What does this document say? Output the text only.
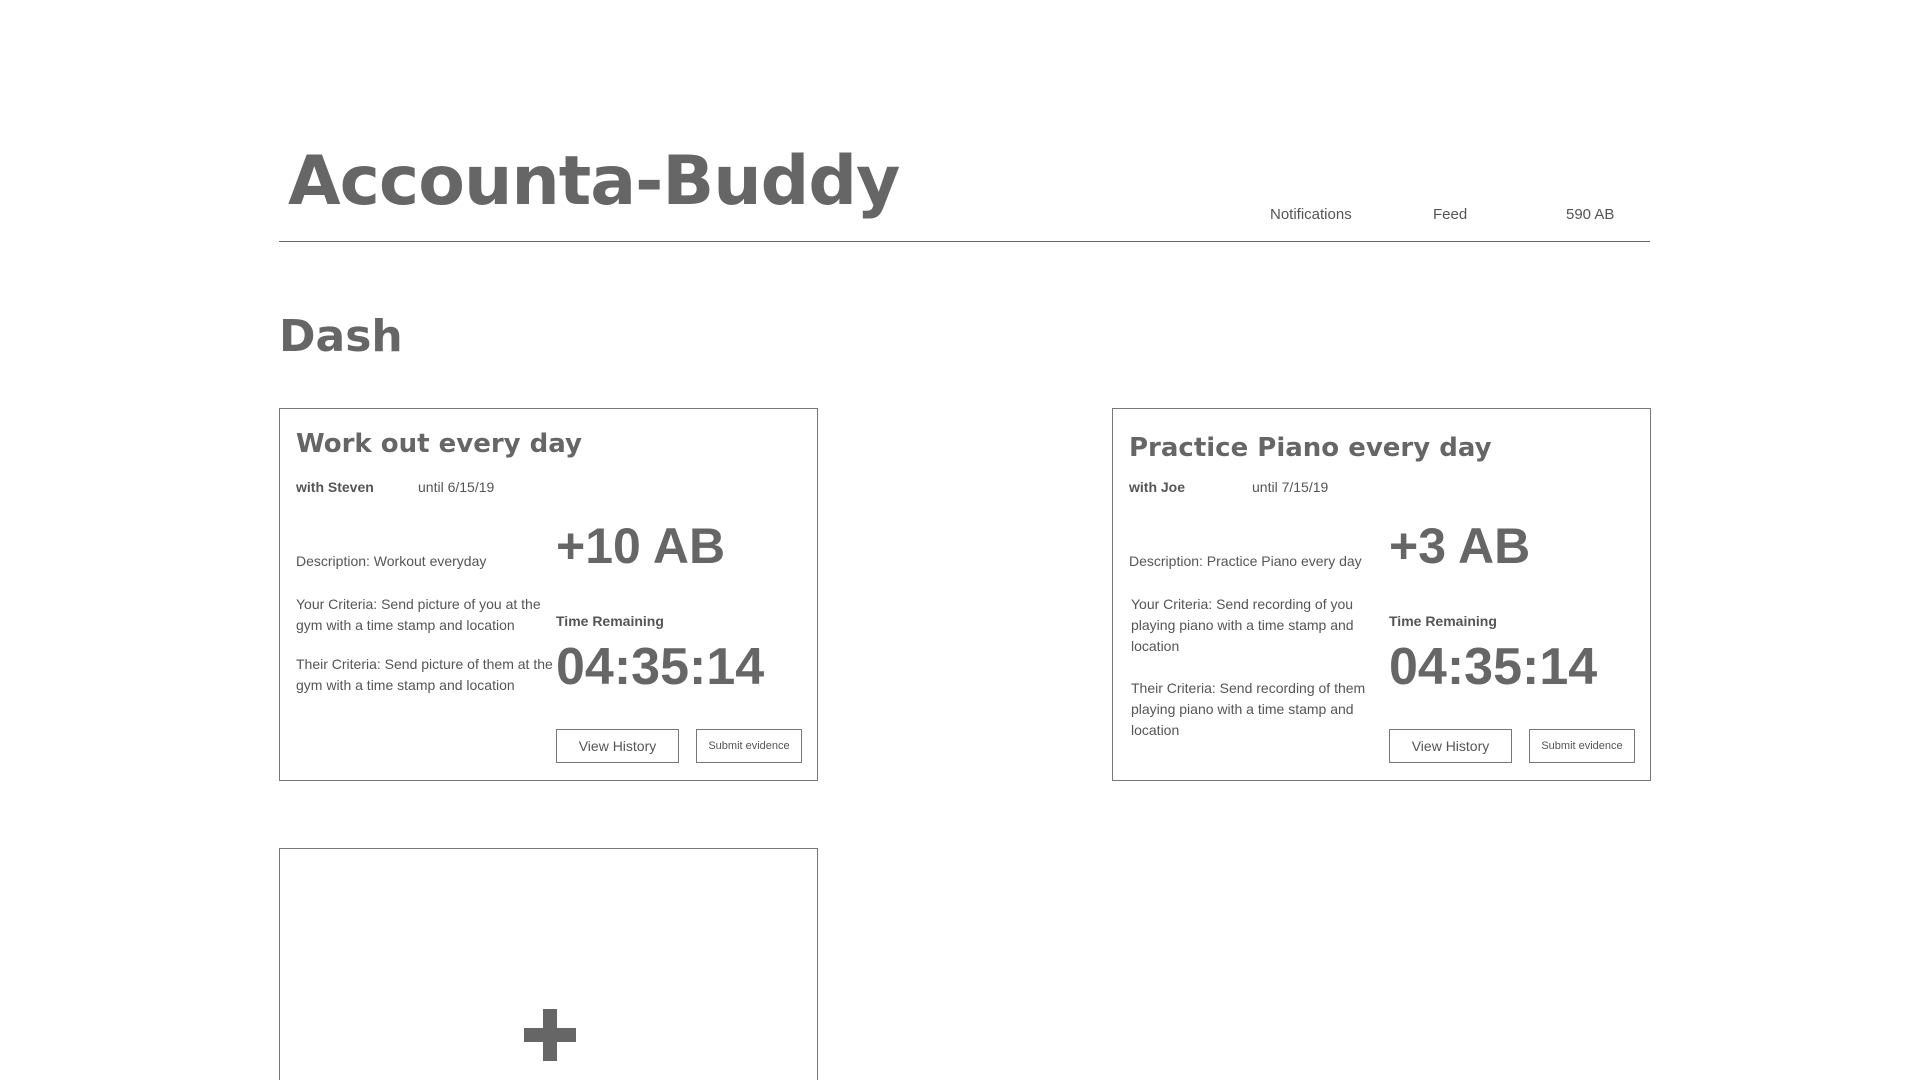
Accounta-Buddy	Notifications	Feed	590 AB
Dash
Work out every day
with Steven	until 6/15/19
Description: Workout everyday
Your Criteria: Send picture of you at the gym with a time stamp and location
Their Criteria: Send picture of them at the gym with a time stamp and location
+10 AB
Time Remaining
04:35:14
View History	Submit evidence
Practice Piano every day
with Joe	until 7/15/19
Description: Practice Piano every day
Your Criteria: Send recording of you playing piano with a time stamp and location
Their Criteria: Send recording of them playing piano with a time stamp and location
+3 AB
Time Remaining
04:35:14
View History	Submit evidence
